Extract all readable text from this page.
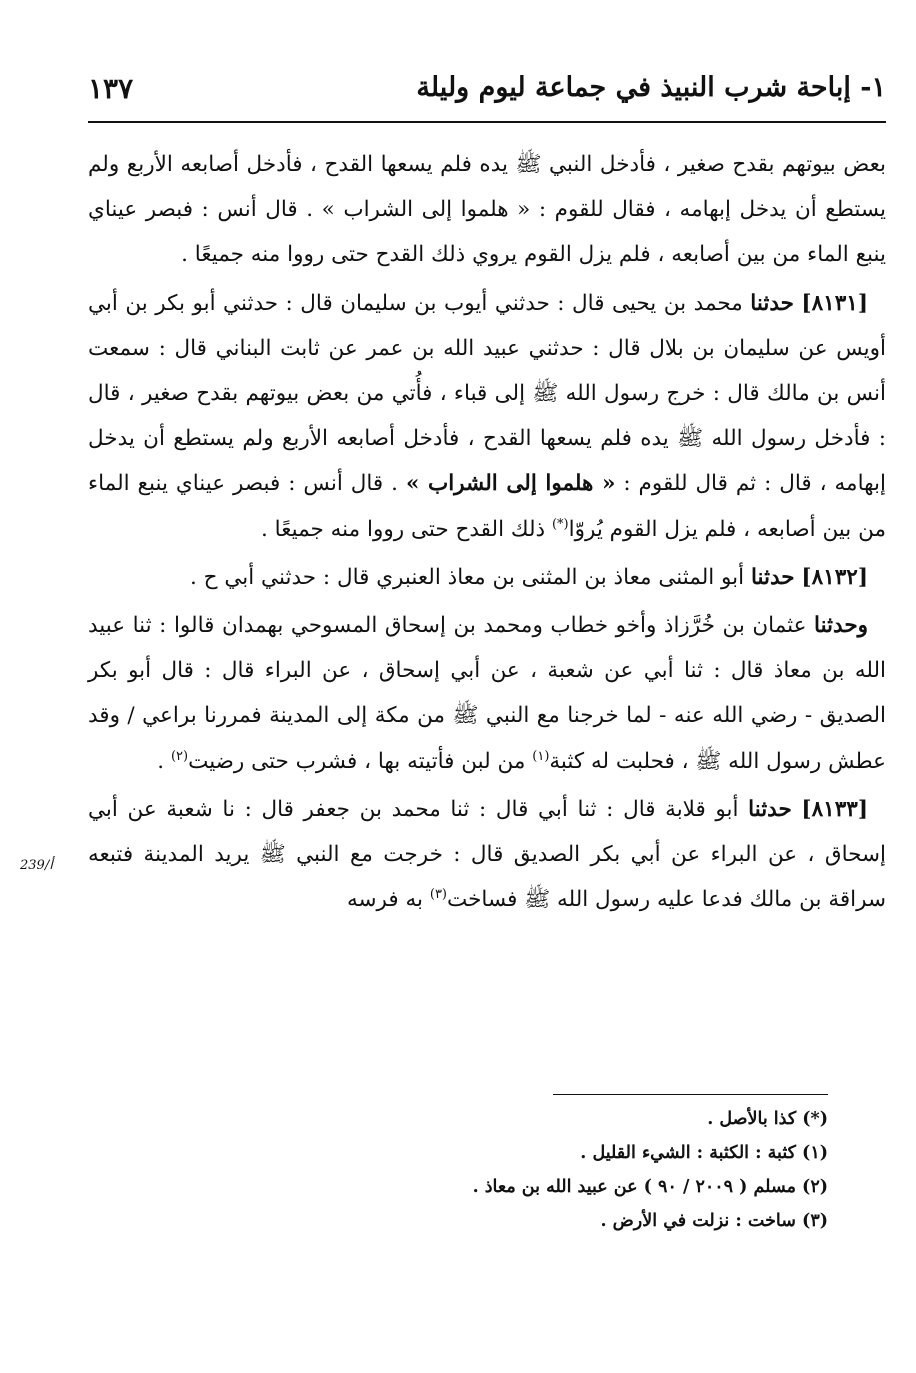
١- إباحة شرب النبيذ في جماعة ليوم وليلة
١٣٧

بعض بيوتهم بقدح صغير ، فأدخل النبي ﷺ يده فلم يسعها القدح ، فأدخل أصابعه الأربع ولم يستطع أن يدخل إبهامه ، فقال للقوم : « هلموا إلى الشراب » . قال أنس : فبصر عيناي ينبع الماء من بين أصابعه ، فلم يزل القوم يروي ذلك القدح حتى رووا منه جميعًا .

[٨١٣١] حدثنا محمد بن يحيى قال : حدثني أيوب بن سليمان قال : حدثني أبو بكر بن أبي أويس عن سليمان بن بلال قال : حدثني عبيد الله بن عمر عن ثابت البناني قال : سمعت أنس بن مالك قال : خرج رسول الله ﷺ إلى قباء ، فأُتي من بعض بيوتهم بقدح صغير ، قال : فأدخل رسول الله ﷺ يده فلم يسعها القدح ، فأدخل أصابعه الأربع ولم يستطع أن يدخل إبهامه ، قال : ثم قال للقوم : « هلموا إلى الشراب » . قال أنس : فبصر عيناي ينبع الماء من بين أصابعه ، فلم يزل القوم يُروّا(*) ذلك القدح حتى رووا منه جميعًا .

[٨١٣٢] حدثنا أبو المثنى معاذ بن المثنى بن معاذ العنبري قال : حدثني أبي ح .

وحدثنا عثمان بن خُرَّزاذ وأخو خطاب ومحمد بن إسحاق المسوحي بهمدان قالوا : ثنا عبيد الله بن معاذ قال : ثنا أبي عن شعبة ، عن أبي إسحاق ، عن البراء قال : قال أبو بكر الصديق - رضي الله عنه - لما خرجنا مع النبي ﷺ من مكة إلى المدينة فمررنا براعي / وقد عطش رسول الله ﷺ ، فحلبت له كثبة$^{(١)}$ من لبن فأتيته بها ، فشرب حتى رضيت$^{(٢)}$ .

[٨١٣٣] حدثنا أبو قلابة قال : ثنا أبي قال : ثنا محمد بن جعفر قال : نا شعبة عن أبي إسحاق ، عن البراء عن أبي بكر الصديق قال : خرجت مع النبي ﷺ يريد المدينة فتبعه سراقة بن مالك فدعا عليه رسول الله ﷺ فساخت$^{(٣)}$ به فرسه

239/أ

(*) كذا بالأصل .

(١) كثبة : الكثبة : الشيء القليل .

(٢) مسلم ( ٢٠٠٩ / ٩٠ ) عن عبيد الله بن معاذ .

(٣) ساخت : نزلت في الأرض .
